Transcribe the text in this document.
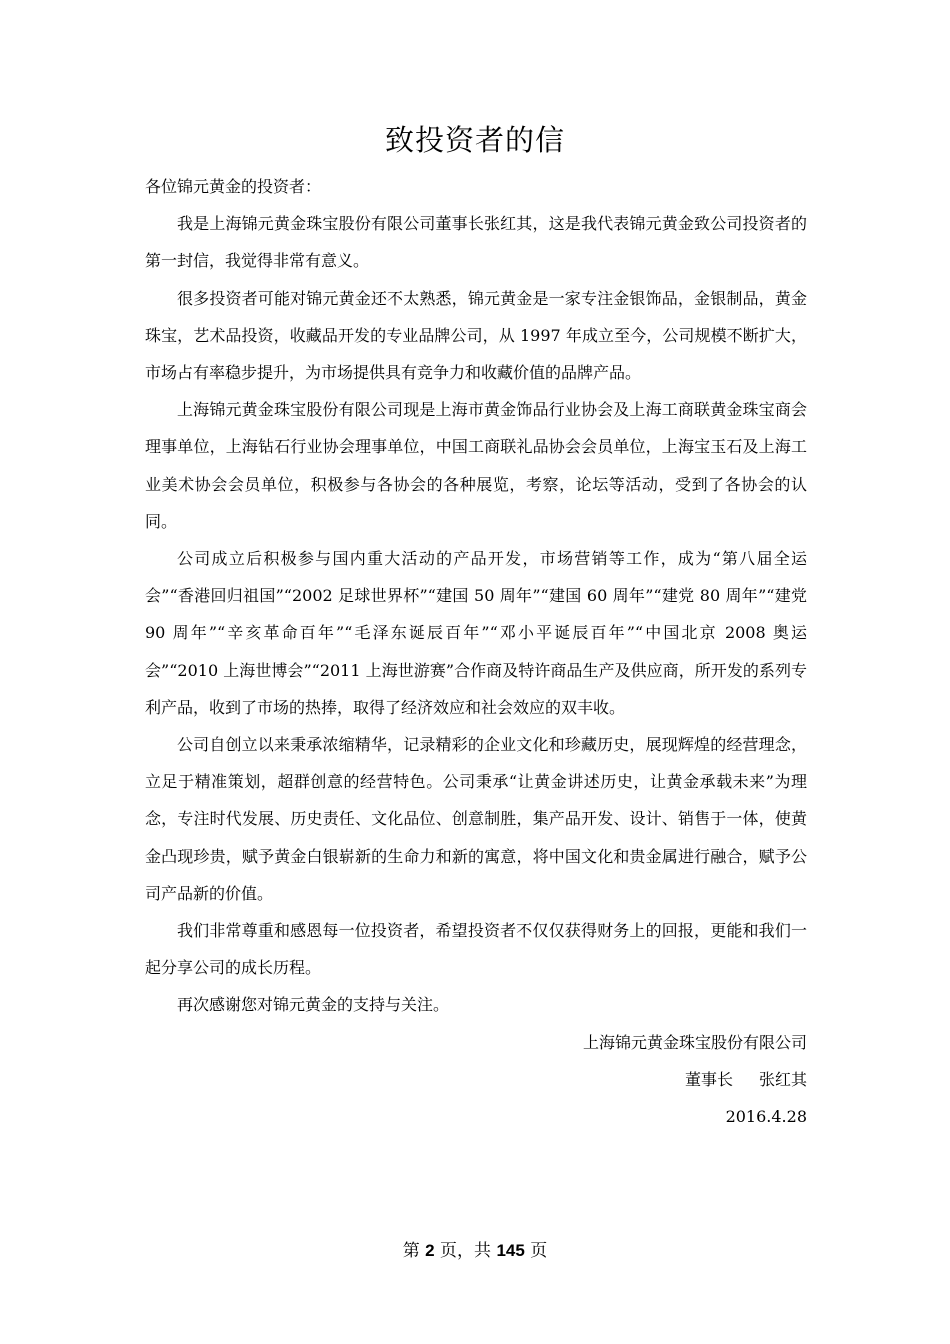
致投资者的信

各位锦元黄金的投资者：

我是上海锦元黄金珠宝股份有限公司董事长张红其，这是我代表锦元黄金致公司投资者的第一封信，我觉得非常有意义。

很多投资者可能对锦元黄金还不太熟悉，锦元黄金是一家专注金银饰品，金银制品，黄金珠宝，艺术品投资，收藏品开发的专业品牌公司，从 1997 年成立至今，公司规模不断扩大，市场占有率稳步提升，为市场提供具有竞争力和收藏价值的品牌产品。

上海锦元黄金珠宝股份有限公司现是上海市黄金饰品行业协会及上海工商联黄金珠宝商会理事单位，上海钻石行业协会理事单位，中国工商联礼品协会会员单位，上海宝玉石及上海工业美术协会会员单位，积极参与各协会的各种展览，考察，论坛等活动，受到了各协会的认同。

公司成立后积极参与国内重大活动的产品开发，市场营销等工作，成为“第八届全运会”“香港回归祖国”“2002 足球世界杯”“建国 50 周年”“建国 60 周年”“建党 80 周年”“建党 90 周年”“辛亥革命百年”“毛泽东诞辰百年”“邓小平诞辰百年”“中国北京 2008 奥运会”“2010 上海世博会”“2011 上海世游赛”合作商及特许商品生产及供应商，所开发的系列专利产品，收到了市场的热捧，取得了经济效应和社会效应的双丰收。

公司自创立以来秉承浓缩精华，记录精彩的企业文化和珍藏历史，展现辉煌的经营理念，立足于精准策划，超群创意的经营特色。公司秉承“让黄金讲述历史，让黄金承载未来”为理念，专注时代发展、历史责任、文化品位、创意制胜，集产品开发、设计、销售于一体，使黄金凸现珍贵，赋予黄金白银崭新的生命力和新的寓意，将中国文化和贵金属进行融合，赋予公司产品新的价值。

我们非常尊重和感恩每一位投资者，希望投资者不仅仅获得财务上的回报，更能和我们一起分享公司的成长历程。

再次感谢您对锦元黄金的支持与关注。

上海锦元黄金珠宝股份有限公司

董事长 张红其

2016.4.28

第 2 页，共 145 页
